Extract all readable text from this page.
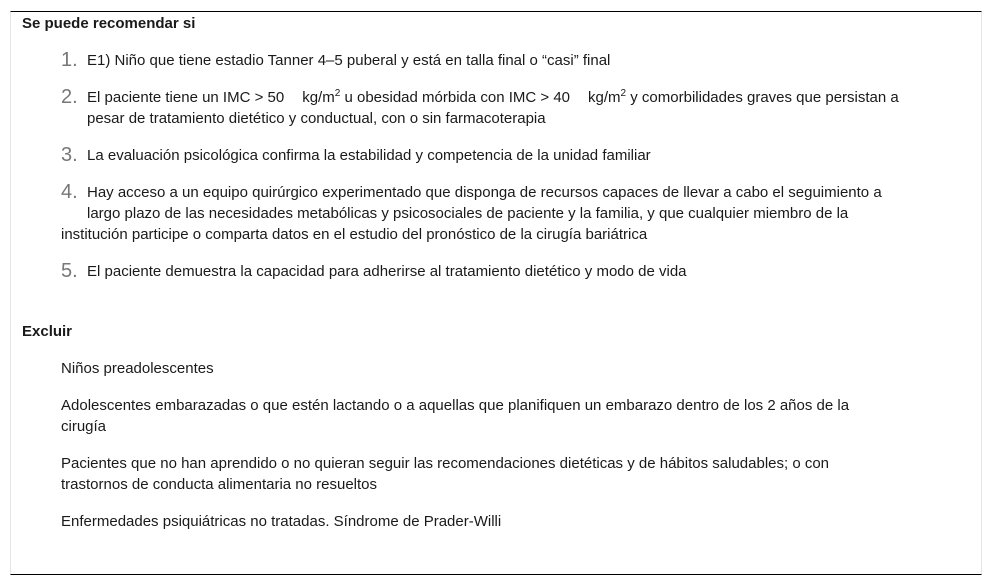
Se puede recomendar si
1. E1) Niño que tiene estadio Tanner 4–5 puberal y está en talla final o “casi” final
2. El paciente tiene un IMC > 50 $kg/m^2$ u obesidad mórbida con IMC > 40 $kg/m^2$ y comorbilidades graves que persistan a
pesar de tratamiento dietético y conductual, con o sin farmacoterapia
3. La evaluación psicológica confirma la estabilidad y competencia de la unidad familiar
4. Hay acceso a un equipo quirúrgico experimentado que disponga de recursos capaces de llevar a cabo el seguimiento a
largo plazo de las necesidades metabólicas y psicosociales de paciente y la familia, y que cualquier miembro de la
institución participe o comparta datos en el estudio del pronóstico de la cirugía bariátrica
5. El paciente demuestra la capacidad para adherirse al tratamiento dietético y modo de vida
Excluir
Niños preadolescentes
Adolescentes embarazadas o que estén lactando o a aquellas que planifiquen un embarazo dentro de los 2 años de la
cirugía
Pacientes que no han aprendido o no quieran seguir las recomendaciones dietéticas y de hábitos saludables; o con
trastornos de conducta alimentaria no resueltos
Enfermedades psiquiátricas no tratadas. Síndrome de Prader-Willi
